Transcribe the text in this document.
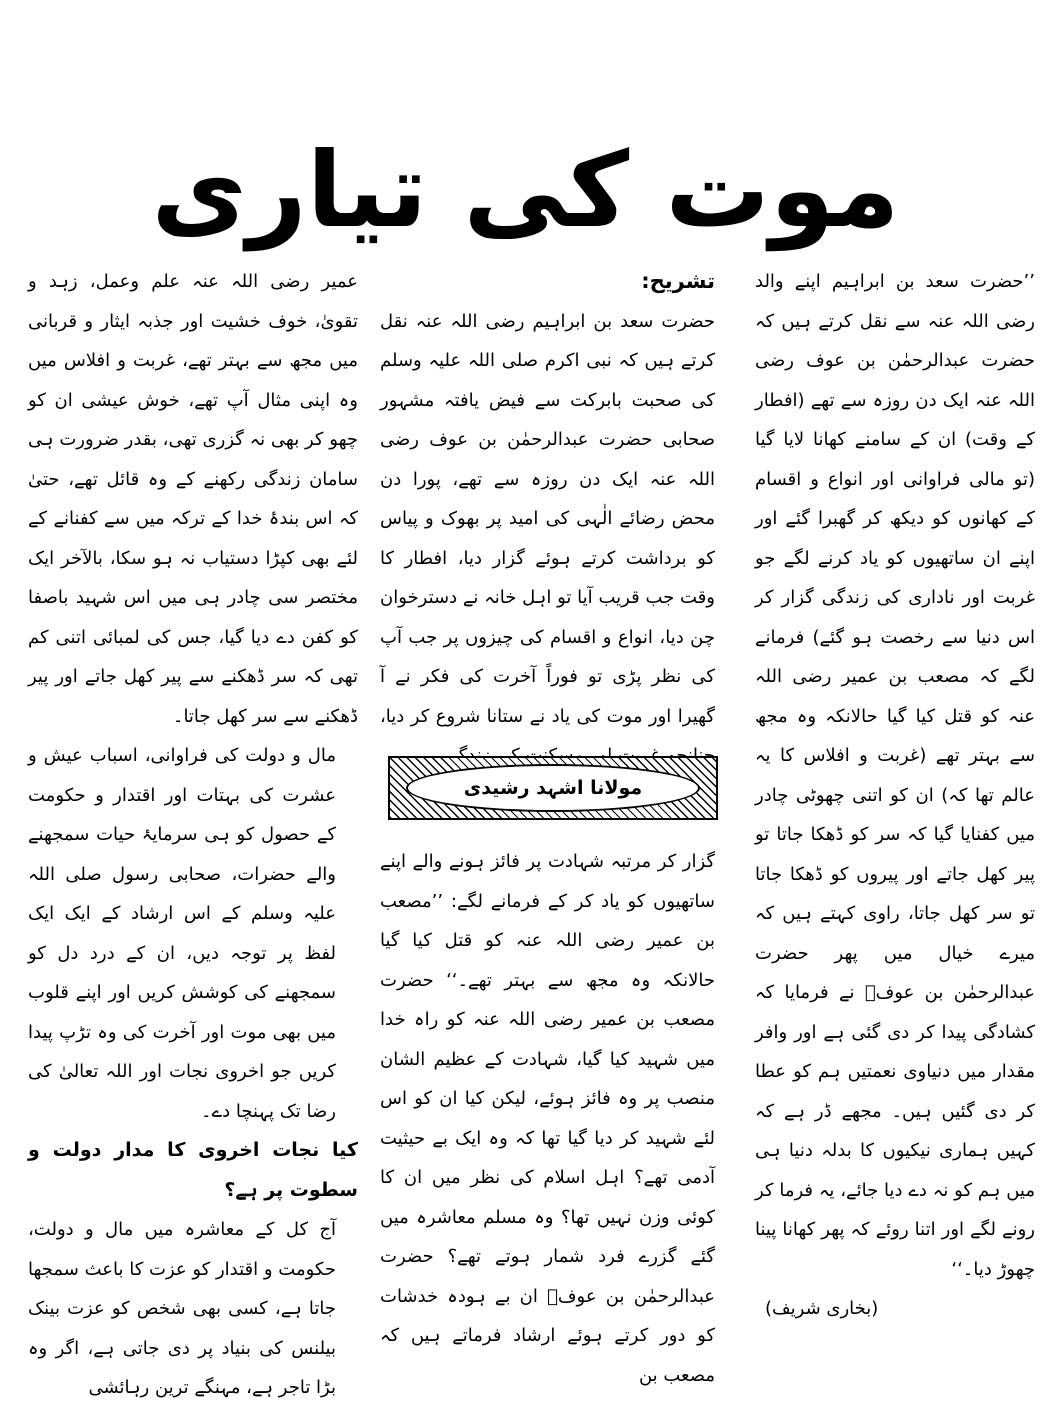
موت کی تیاری

’’حضرت سعد بن ابراہیم اپنے والد رضی اللہ عنہ سے نقل کرتے ہیں کہ حضرت عبدالرحمٰن بن عوف رضی اللہ عنہ ایک دن روزہ سے تھے (افطار کے وقت) ان کے سامنے کھانا لایا گیا (تو مالی فراوانی اور انواع و اقسام کے کھانوں کو دیکھ کر گھبرا گئے اور اپنے ان ساتھیوں کو یاد کرنے لگے جو غربت اور ناداری کی زندگی گزار کر اس دنیا سے رخصت ہو گئے) فرمانے لگے کہ مصعب بن عمیر رضی اللہ عنہ کو قتل کیا گیا حالانکہ وہ مجھ سے بہتر تھے (غربت و افلاس کا یہ عالم تھا کہ) ان کو اتنی چھوٹی چادر میں کفنایا گیا کہ سر کو ڈھکا جاتا تو پیر کھل جاتے اور پیروں کو ڈھکا جاتا تو سر کھل جاتا، راوی کہتے ہیں کہ میرے خیال میں پھر حضرت عبدالرحمٰن بن عوفؓ نے فرمایا کہ کشادگی پیدا کر دی گئی ہے اور وافر مقدار میں دنیاوی نعمتیں ہم کو عطا کر دی گئیں ہیں۔ مجھے ڈر ہے کہ کہیں ہماری نیکیوں کا بدلہ دنیا ہی میں ہم کو نہ دے دیا جائے، یہ فرما کر رونے لگے اور اتنا روئے کہ پھر کھانا پینا چھوڑ دیا۔‘‘

(بخاری شریف)

تشریح:

حضرت سعد بن ابراہیم رضی اللہ عنہ نقل کرتے ہیں کہ نبی اکرم صلی اللہ علیہ وسلم کی صحبت بابرکت سے فیض یافتہ مشہور صحابی حضرت عبدالرحمٰن بن عوف رضی اللہ عنہ ایک دن روزہ سے تھے، پورا دن محض رضائے الٰہی کی امید پر بھوک و پیاس کو برداشت کرتے ہوئے گزار دیا، افطار کا وقت جب قریب آیا تو اہل خانہ نے دسترخوان چن دیا، انواع و اقسام کی چیزوں پر جب آپ کی نظر پڑی تو فوراً آخرت کی فکر نے آ گھیرا اور موت کی یاد نے ستانا شروع کر دیا،

گزار کر مرتبہ شہادت پر فائز ہونے والے اپنے ساتھیوں کو یاد کر کے فرمانے لگے: ’’مصعب بن عمیر رضی اللہ عنہ کو قتل کیا گیا حالانکہ وہ مجھ سے بہتر تھے۔‘‘ حضرت مصعب بن عمیر رضی اللہ عنہ کو راہ خدا میں شہید کیا گیا، شہادت کے عظیم الشان منصب پر وہ فائز ہوئے، لیکن کیا ان کو اس لئے شہید کر دیا گیا تھا کہ وہ ایک بے حیثیت آدمی تھے؟ اہل اسلام کی نظر میں ان کا کوئی وزن نہیں تھا؟ وہ مسلم معاشرہ میں گئے گزرے فرد شمار ہوتے تھے؟ حضرت عبدالرحمٰن بن عوفؓ ان بے ہودہ خدشات کو دور کرتے ہوئے ارشاد فرماتے ہیں کہ مصعب بن

مولانا اشہد رشیدی

عمیر رضی اللہ عنہ علم وعمل، زہد و تقویٰ، خوف خشیت اور جذبہ ایثار و قربانی میں مجھ سے بہتر تھے، غربت و افلاس میں وہ اپنی مثال آپ تھے، خوش عیشی ان کو چھو کر بھی نہ گزری تھی، بقدر ضرورت ہی سامان زندگی رکھنے کے وہ قائل تھے، حتیٰ کہ اس بندۂ خدا کے ترکہ میں سے کفنانے کے لئے بھی کپڑا دستیاب نہ ہو سکا، بالآخر ایک مختصر سی چادر ہی میں اس شہید باصفا کو کفن دے دیا گیا، جس کی لمبائی اتنی کم تھی کہ سر ڈھکنے سے پیر کھل جاتے اور پیر ڈھکنے سے سر کھل جاتا۔

مال و دولت کی فراوانی، اسباب عیش و عشرت کی بہتات اور اقتدار و حکومت کے حصول کو ہی سرمایۂ حیات سمجھنے والے حضرات، صحابی رسول صلی اللہ علیہ وسلم کے اس ارشاد کے ایک ایک لفظ پر توجہ دیں، ان کے درد دل کو سمجھنے کی کوشش کریں اور اپنے قلوب میں بھی موت اور آخرت کی وہ تڑپ پیدا کریں جو اخروی نجات اور اللہ تعالیٰ کی رضا تک پہنچا دے۔

کیا نجات اخروی کا مدار دولت و سطوت پر ہے؟

آج کل کے معاشرہ میں مال و دولت، حکومت و اقتدار کو عزت کا باعث سمجھا جاتا ہے، کسی بھی شخص کو عزت بینک بیلنس کی بنیاد پر دی جاتی ہے، اگر وہ بڑا تاجر ہے، مہنگے ترین رہائشی
